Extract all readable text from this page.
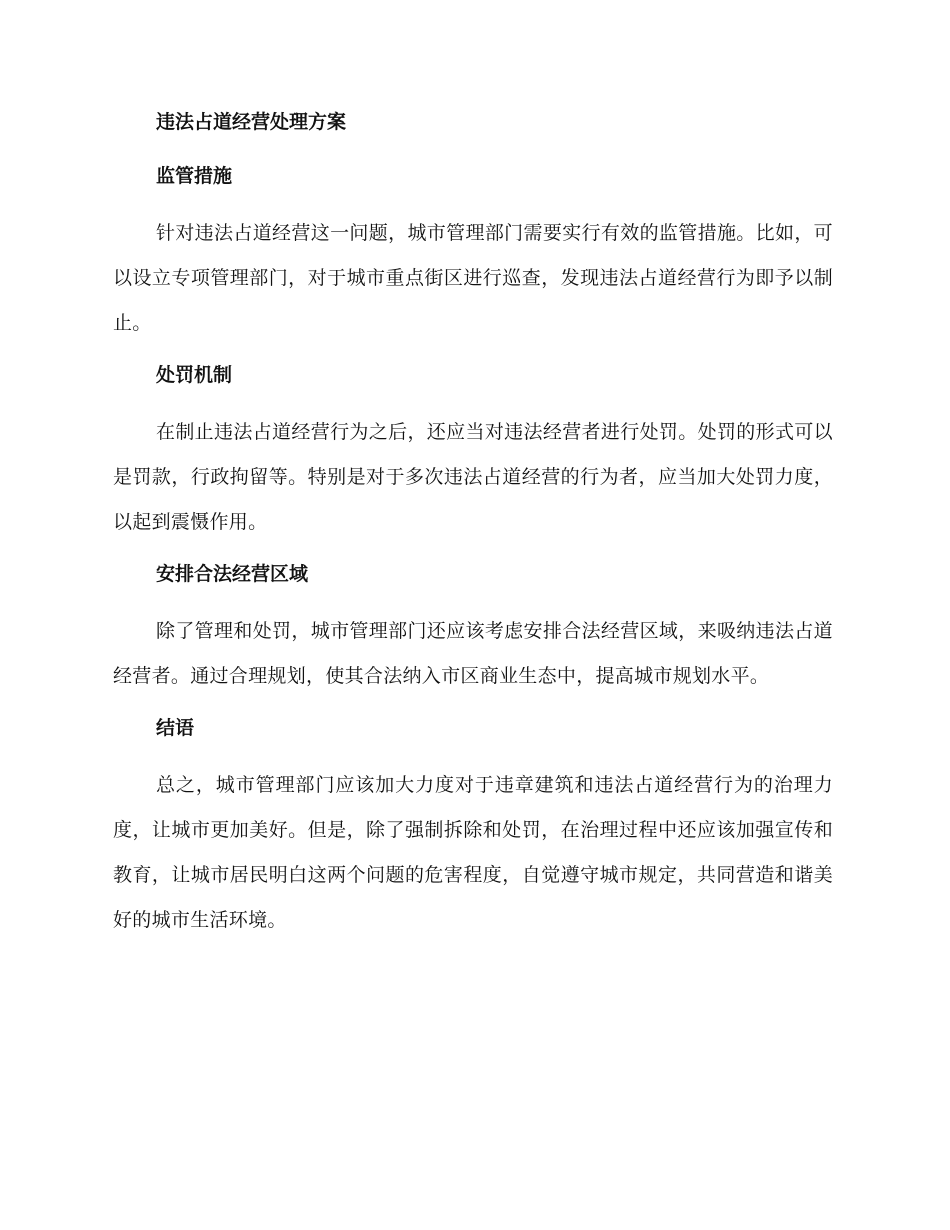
违法占道经营处理方案
监管措施

针对违法占道经营这一问题，城市管理部门需要实行有效的监管措施。比如，可以设立专项管理部门，对于城市重点街区进行巡查，发现违法占道经营行为即予以制止。

处罚机制

在制止违法占道经营行为之后，还应当对违法经营者进行处罚。处罚的形式可以是罚款，行政拘留等。特别是对于多次违法占道经营的行为者，应当加大处罚力度，以起到震慑作用。

安排合法经营区域

除了管理和处罚，城市管理部门还应该考虑安排合法经营区域，来吸纳违法占道经营者。通过合理规划，使其合法纳入市区商业生态中，提高城市规划水平。

结语

总之，城市管理部门应该加大力度对于违章建筑和违法占道经营行为的治理力度，让城市更加美好。但是，除了强制拆除和处罚，在治理过程中还应该加强宣传和教育，让城市居民明白这两个问题的危害程度，自觉遵守城市规定，共同营造和谐美好的城市生活环境。
